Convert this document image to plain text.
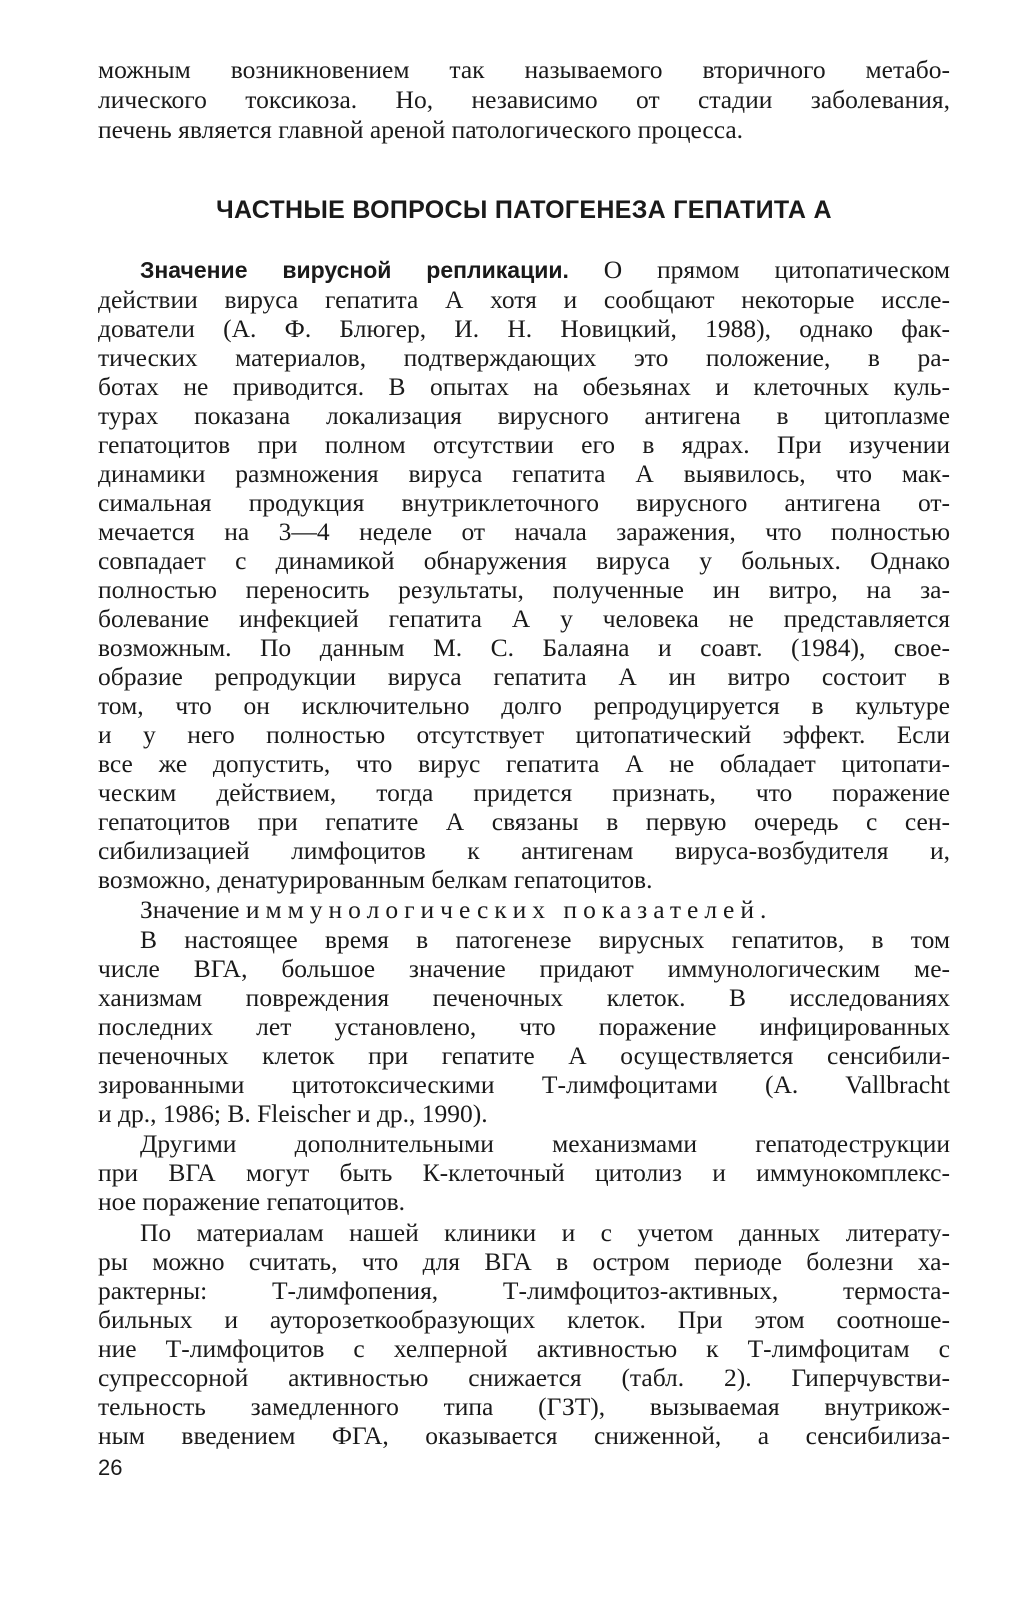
можным возникновением так называемого вторичного метабо-
лического токсикоза. Но, независимо от стадии заболевания,
печень является главной ареной патологического процесса.
ЧАСТНЫЕ ВОПРОСЫ ПАТОГЕНЕЗА ГЕПАТИТА А
Значение вирусной репликации. О прямом цитопатическом
действии вируса гепатита А хотя и сообщают некоторые иссле-
дователи (А. Ф. Блюгер, И. Н. Новицкий, 1988), однако фак-
тических материалов, подтверждающих это положение, в ра-
ботах не приводится. В опытах на обезьянах и клеточных куль-
турах показана локализация вирусного антигена в цитоплазме
гепатоцитов при полном отсутствии его в ядрах. При изучении
динамики размножения вируса гепатита А выявилось, что мак-
симальная продукция внутриклеточного вирусного антигена от-
мечается на 3—4 неделе от начала заражения, что полностью
совпадает с динамикой обнаружения вируса у больных. Однако
полностью переносить результаты, полученные ин витро, на за-
болевание инфекцией гепатита А у человека не представляется
возможным. По данным М. С. Балаяна и соавт. (1984), свое-
образие репродукции вируса гепатита А ин витро состоит в
том, что он исключительно долго репродуцируется в культуре
и у него полностью отсутствует цитопатический эффект. Если
все же допустить, что вирус гепатита А не обладает цитопати-
ческим действием, тогда придется признать, что поражение
гепатоцитов при гепатите А связаны в первую очередь с сен-
сибилизацией лимфоцитов к антигенам вируса-возбудителя и,
возможно, денатурированным белкам гепатоцитов.
Значение иммунологических показателей.
В настоящее время в патогенезе вирусных гепатитов, в том
числе ВГА, большое значение придают иммунологическим ме-
ханизмам повреждения печеночных клеток. В исследованиях
последних лет установлено, что поражение инфицированных
печеночных клеток при гепатите А осуществляется сенсибили-
зированными цитотоксическими Т-лимфоцитами (A. Vallbracht
и др., 1986; B. Fleischer и др., 1990).
Другими дополнительными механизмами гепатодеструкции
при ВГА могут быть К-клеточный цитолиз и иммунокомплекс-
ное поражение гепатоцитов.
По материалам нашей клиники и с учетом данных литерату-
ры можно считать, что для ВГА в остром периоде болезни ха-
рактерны: Т-лимфопения, Т-лимфоцитоз-активных, термоста-
бильных и ауторозеткообразующих клеток. При этом соотноше-
ние Т-лимфоцитов с хелперной активностью к Т-лимфоцитам с
супрессорной активностью снижается (табл. 2). Гиперчувстви-
тельность замедленного типа (ГЗТ), вызываемая внутрикож-
ным введением ФГА, оказывается сниженной, а сенсибилиза-
26
